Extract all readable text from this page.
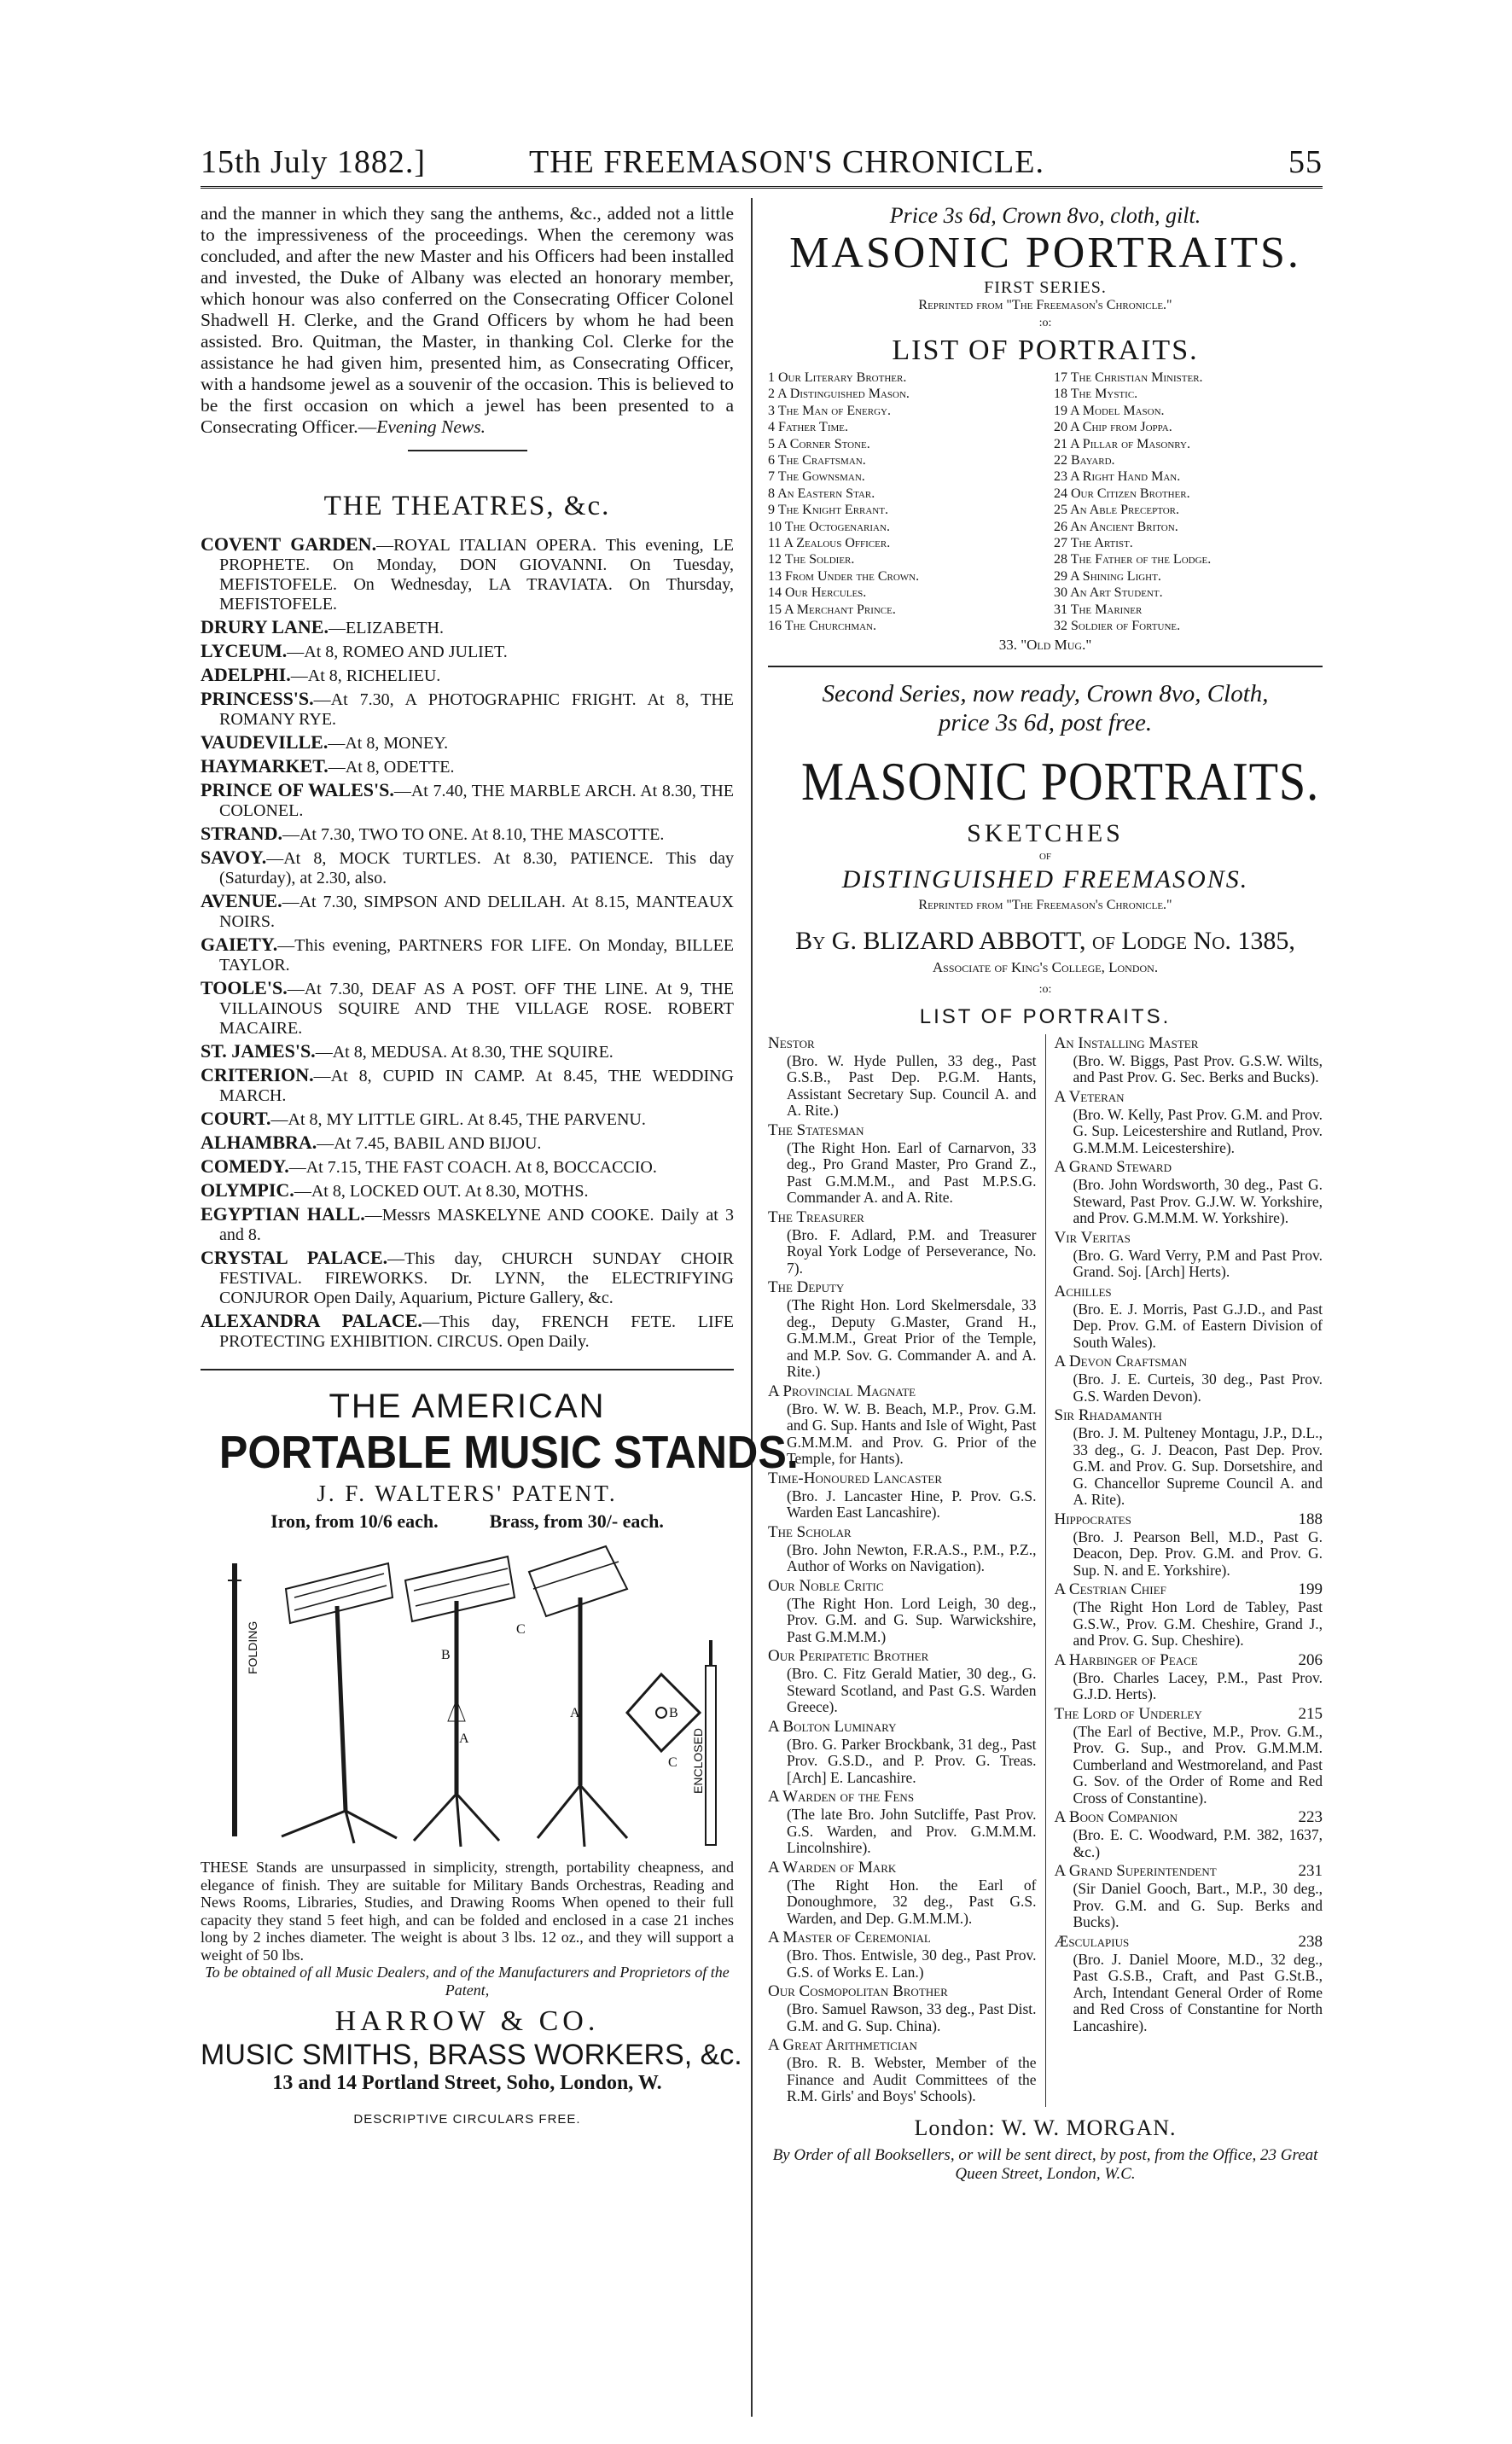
15th July 1882.]	THE FREEMASON'S CHRONICLE.	55

and the manner in which they sang the anthems, &c., added not a little to the impressiveness of the proceedings. When the ceremony was concluded, and after the new Master and his Officers had been installed and invested, the Duke of Albany was elected an honorary member, which honour was also conferred on the Consecrating Officer Colonel Shadwell H. Clerke, and the Grand Officers by whom he had been assisted. Bro. Quitman, the Master, in thanking Col. Clerke for the assistance he had given him, presented him, as Consecrating Officer, with a handsome jewel as a souvenir of the occasion. This is believed to be the first occasion on which a jewel has been presented to a Consecrating Officer.—Evening News.

THE THEATRES, &c.

COVENT GARDEN.—ROYAL ITALIAN OPERA. This evening, LE PROPHETE. On Monday, DON GIOVANNI. On Tuesday, MEFISTOFELE. On Wednesday, LA TRAVIATA. On Thursday, MEFISTOFELE.

DRURY LANE.—ELIZABETH.

LYCEUM.—At 8, ROMEO AND JULIET.

ADELPHI.—At 8, RICHELIEU.

PRINCESS'S.—At 7.30, A PHOTOGRAPHIC FRIGHT. At 8, THE ROMANY RYE.

VAUDEVILLE.—At 8, MONEY.

HAYMARKET.—At 8, ODETTE.

PRINCE OF WALES'S.—At 7.40, THE MARBLE ARCH. At 8.30, THE COLONEL.

STRAND.—At 7.30, TWO TO ONE. At 8.10, THE MASCOTTE.

SAVOY.—At 8, MOCK TURTLES. At 8.30, PATIENCE. This day (Saturday), at 2.30, also.

AVENUE.—At 7.30, SIMPSON AND DELILAH. At 8.15, MANTEAUX NOIRS.

GAIETY.—This evening, PARTNERS FOR LIFE. On Monday, BILLEE TAYLOR.

TOOLE'S.—At 7.30, DEAF AS A POST. OFF THE LINE. At 9, THE VILLAINOUS SQUIRE AND THE VILLAGE ROSE. ROBERT MACAIRE.

ST. JAMES'S.—At 8, MEDUSA. At 8.30, THE SQUIRE.

CRITERION.—At 8, CUPID IN CAMP. At 8.45, THE WEDDING MARCH.

COURT.—At 8, MY LITTLE GIRL. At 8.45, THE PARVENU.

ALHAMBRA.—At 7.45, BABIL AND BIJOU.

COMEDY.—At 7.15, THE FAST COACH. At 8, BOCCACCIO.

OLYMPIC.—At 8, LOCKED OUT. At 8.30, MOTHS.

EGYPTIAN HALL.—Messrs MASKELYNE AND COOKE. Daily at 3 and 8.

CRYSTAL PALACE.—This day, CHURCH SUNDAY CHOIR FESTIVAL. FIREWORKS. Dr. LYNN, the ELECTRIFYING CONJUROR Open Daily, Aquarium, Picture Gallery, &c.

ALEXANDRA PALACE.—This day, FRENCH FETE. LIFE PROTECTING EXHIBITION. CIRCUS. Open Daily.

THE AMERICAN
PORTABLE MUSIC STANDS.
J. F. WALTERS' PATENT.
Iron, from 10/6 each.	Brass, from 30/- each.
FOLDING
ENCLOSED
B
C
A
B
C
A

THESE Stands are unsurpassed in simplicity, strength, portability cheapness, and elegance of finish. They are suitable for Military Bands Orchestras, Reading and News Rooms, Libraries, Studies, and Drawing Rooms When opened to their full capacity they stand 5 feet high, and can be folded and enclosed in a case 21 inches long by 2 inches diameter. The weight is about 3 lbs. 12 oz., and they will support a weight of 50 lbs.

To be obtained of all Music Dealers, and of the Manufacturers and Proprietors of the Patent,

HARROW & CO.
MUSIC SMITHS, BRASS WORKERS, &c.
13 and 14 Portland Street, Soho, London, W.
DESCRIPTIVE CIRCULARS FREE.
Price 3s 6d, Crown 8vo, cloth, gilt.
MASONIC PORTRAITS.
FIRST SERIES.
Reprinted from "The Freemason's Chronicle."
:o:
LIST OF PORTRAITS.
1 Our Literary Brother.
2 A Distinguished Mason.
3 The Man of Energy.
4 Father Time.
5 A Corner Stone.
6 The Craftsman.
7 The Gownsman.
8 An Eastern Star.
9 The Knight Errant.
10 The Octogenarian.
11 A Zealous Officer.
12 The Soldier.
13 From Under the Crown.
14 Our Hercules.
15 A Merchant Prince.
16 The Churchman.
17 The Christian Minister.
18 The Mystic.
19 A Model Mason.
20 A Chip from Joppa.
21 A Pillar of Masonry.
22 Bayard.
23 A Right Hand Man.
24 Our Citizen Brother.
25 An Able Preceptor.
26 An Ancient Briton.
27 The Artist.
28 The Father of the Lodge.
29 A Shining Light.
30 An Art Student.
31 The Mariner
32 Soldier of Fortune.
33. "Old Mug."
Second Series, now ready, Crown 8vo, Cloth,
price 3s 6d, post free.
MASONIC PORTRAITS.
SKETCHES
OF
DISTINGUISHED FREEMASONS.
Reprinted from "The Freemason's Chronicle."
By G. BLIZARD ABBOTT, of Lodge No. 1385,
Associate of King's College, London.
:o:
LIST OF PORTRAITS.
Nestor
(Bro. W. Hyde Pullen, 33 deg., Past G.S.B., Past Dep. P.G.M. Hants, Assistant Secretary Sup. Council A. and A. Rite.)
The Statesman
(The Right Hon. Earl of Carnarvon, 33 deg., Pro Grand Master, Pro Grand Z., Past G.M.M.M., and Past M.P.S.G. Commander A. and A. Rite.
The Treasurer
(Bro. F. Adlard, P.M. and Treasurer Royal York Lodge of Perseverance, No. 7).
The Deputy
(The Right Hon. Lord Skelmersdale, 33 deg., Deputy G.Master, Grand H., G.M.M.M., Great Prior of the Temple, and M.P. Sov. G. Commander A. and A. Rite.)
A Provincial Magnate
(Bro. W. W. B. Beach, M.P., Prov. G.M. and G. Sup. Hants and Isle of Wight, Past G.M.M.M. and Prov. G. Prior of the Temple, for Hants).
Time-Honoured Lancaster
(Bro. J. Lancaster Hine, P. Prov. G.S. Warden East Lancashire).
The Scholar
(Bro. John Newton, F.R.A.S., P.M., P.Z., Author of Works on Navigation).
Our Noble Critic
(The Right Hon. Lord Leigh, 30 deg., Prov. G.M. and G. Sup. Warwickshire, Past G.M.M.M.)
Our Peripatetic Brother
(Bro. C. Fitz Gerald Matier, 30 deg., G. Steward Scotland, and Past G.S. Warden Greece).
A Bolton Luminary
(Bro. G. Parker Brockbank, 31 deg., Past Prov. G.S.D., and P. Prov. G. Treas. [Arch] E. Lancashire.
A Warden of the Fens
(The late Bro. John Sutcliffe, Past Prov. G.S. Warden, and Prov. G.M.M.M. Lincolnshire).
A Warden of Mark
(The Right Hon. the Earl of Donoughmore, 32 deg., Past G.S. Warden, and Dep. G.M.M.M.).
A Master of Ceremonial
(Bro. Thos. Entwisle, 30 deg., Past Prov. G.S. of Works E. Lan.)
Our Cosmopolitan Brother
(Bro. Samuel Rawson, 33 deg., Past Dist. G.M. and G. Sup. China).
A Great Arithmetician
(Bro. R. B. Webster, Member of the Finance and Audit Committees of the R.M. Girls' and Boys' Schools).
An Installing Master
(Bro. W. Biggs, Past Prov. G.S.W. Wilts, and Past Prov. G. Sec. Berks and Bucks).
A Veteran
(Bro. W. Kelly, Past Prov. G.M. and Prov. G. Sup. Leicestershire and Rutland, Prov. G.M.M.M. Leicestershire).
A Grand Steward
(Bro. John Wordsworth, 30 deg., Past G. Steward, Past Prov. G.J.W. W. Yorkshire, and Prov. G.M.M.M. W. Yorkshire).
Vir Veritas
(Bro. G. Ward Verry, P.M and Past Prov. Grand. Soj. [Arch] Herts).
Achilles
(Bro. E. J. Morris, Past G.J.D., and Past Dep. Prov. G.M. of Eastern Division of South Wales).
A Devon Craftsman
(Bro. J. E. Curteis, 30 deg., Past Prov. G.S. Warden Devon).
Sir Rhadamanth
(Bro. J. M. Pulteney Montagu, J.P., D.L., 33 deg., G. J. Deacon, Past Dep. Prov. G.M. and Prov. G. Sup. Dorsetshire, and G. Chancellor Supreme Council A. and A. Rite).
Hippocrates	188
(Bro. J. Pearson Bell, M.D., Past G. Deacon, Dep. Prov. G.M. and Prov. G. Sup. N. and E. Yorkshire).
A Cestrian Chief	199
(The Right Hon Lord de Tabley, Past G.S.W., Prov. G.M. Cheshire, Grand J., and Prov. G. Sup. Cheshire).
A Harbinger of Peace	206
(Bro. Charles Lacey, P.M., Past Prov. G.J.D. Herts).
The Lord of Underley	215
(The Earl of Bective, M.P., Prov. G.M., Prov. G. Sup., and Prov. G.M.M.M. Cumberland and Westmoreland, and Past G. Sov. of the Order of Rome and Red Cross of Constantine).
A Boon Companion	223
(Bro. E. C. Woodward, P.M. 382, 1637, &c.)
A Grand Superintendent	231
(Sir Daniel Gooch, Bart., M.P., 30 deg., Prov. G.M. and G. Sup. Berks and Bucks).
Æsculapius	238
(Bro. J. Daniel Moore, M.D., 32 deg., Past G.S.B., Craft, and Past G.St.B., Arch, Intendant General Order of Rome and Red Cross of Constantine for North Lancashire).
London: W. W. MORGAN.
By Order of all Booksellers, or will be sent direct, by post, from the Office, 23 Great Queen Street, London, W.C.
